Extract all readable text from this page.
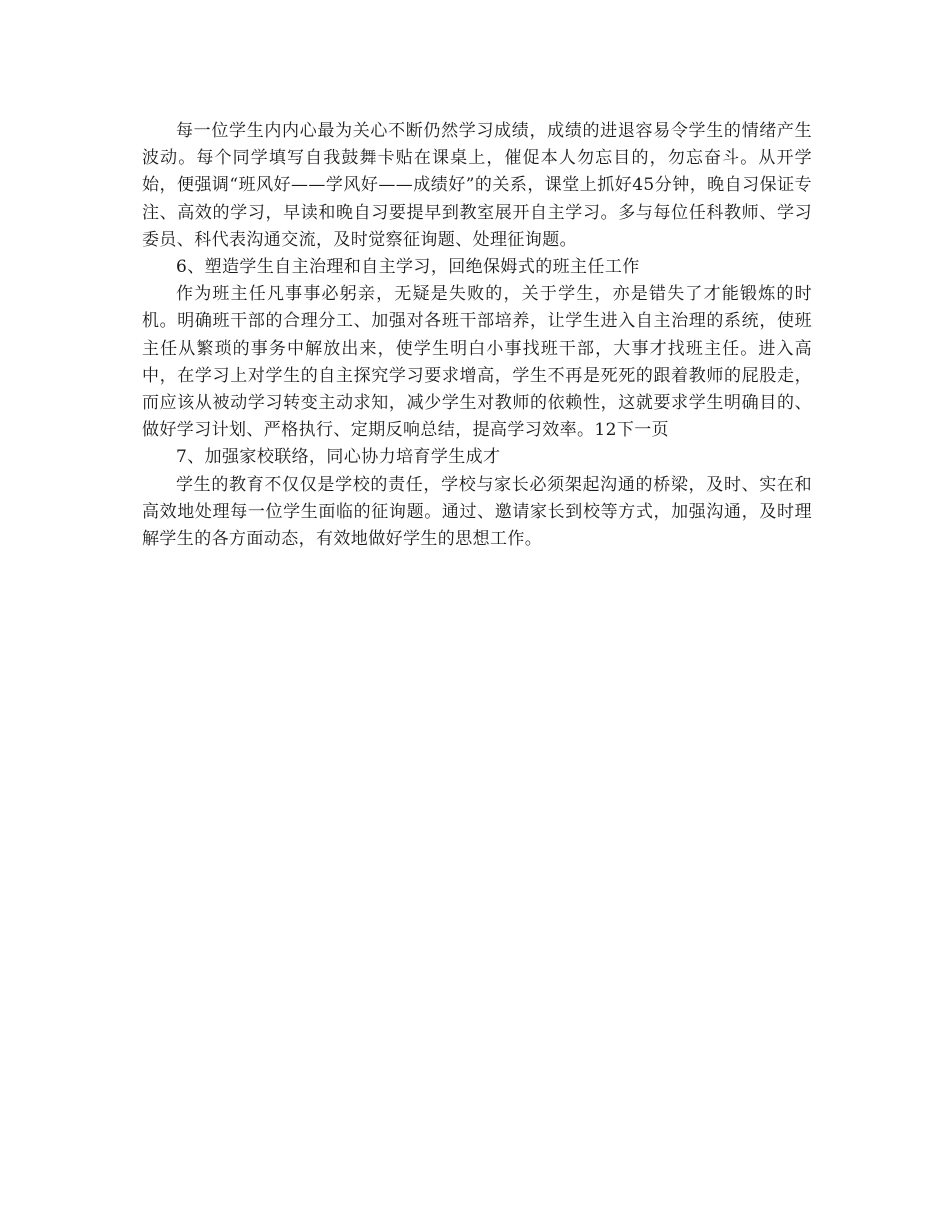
每一位学生内内心最为关心不断仍然学习成绩，成绩的进退容易令学生的情绪产生波动。每个同学填写自我鼓舞卡贴在课桌上，催促本人勿忘目的，勿忘奋斗。从开学始，便强调“班风好——学风好——成绩好”的关系，课堂上抓好45分钟，晚自习保证专注、高效的学习，早读和晚自习要提早到教室展开自主学习。多与每位任科教师、学习委员、科代表沟通交流，及时觉察征询题、处理征询题。

6、塑造学生自主治理和自主学习，回绝保姆式的班主任工作

作为班主任凡事事必躬亲，无疑是失败的，关于学生，亦是错失了才能锻炼的时机。明确班干部的合理分工、加强对各班干部培养，让学生进入自主治理的系统，使班主任从繁琐的事务中解放出来，使学生明白小事找班干部，大事才找班主任。进入高中，在学习上对学生的自主探究学习要求增高，学生不再是死死的跟着教师的屁股走，而应该从被动学习转变主动求知，减少学生对教师的依赖性，这就要求学生明确目的、做好学习计划、严格执行、定期反响总结，提高学习效率。12下一页

7、加强家校联络，同心协力培育学生成才

学生的教育不仅仅是学校的责任，学校与家长必须架起沟通的桥梁，及时、实在和高效地处理每一位学生面临的征询题。通过、邀请家长到校等方式，加强沟通，及时理解学生的各方面动态，有效地做好学生的思想工作。
